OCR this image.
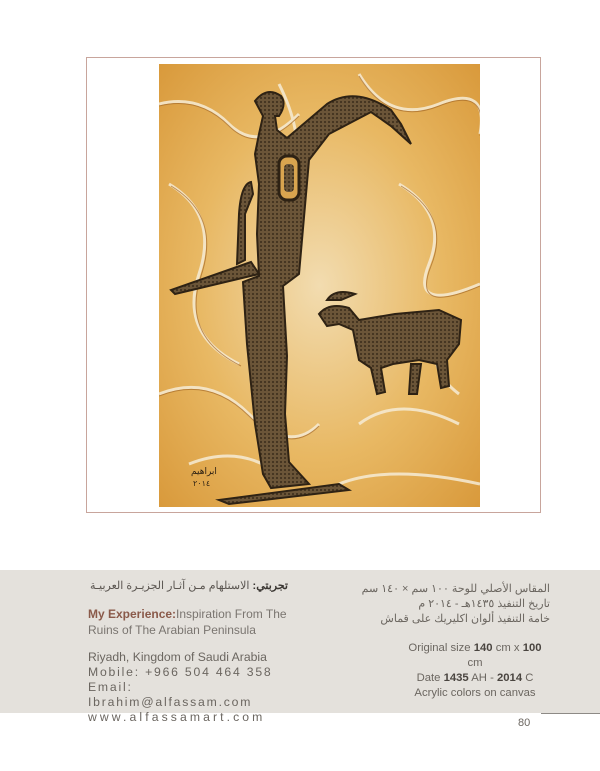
ابراهيم
٢٠١٤

تجربتي: الاستلهام مـن آثـار الجزيـرة العربيـة

My Experience:Inspiration From The
Ruins of The Arabian Peninsula
Riyadh, Kingdom of Saudi Arabia
Mobile: +966 504 464 358
Email: Ibrahim@alfassam.com
www.alfassamart.com
المقاس الأصلي للوحة ١٠٠ سم × ١٤٠ سم
تاريخ التنفيذ ١٤٣٥هـ - ٢٠١٤ م
خامة التنفيذ ألوان اكليريك على قماش
Original size 140 cm x 100 cm
Date 1435 AH - 2014 C
Acrylic colors on canvas
80
